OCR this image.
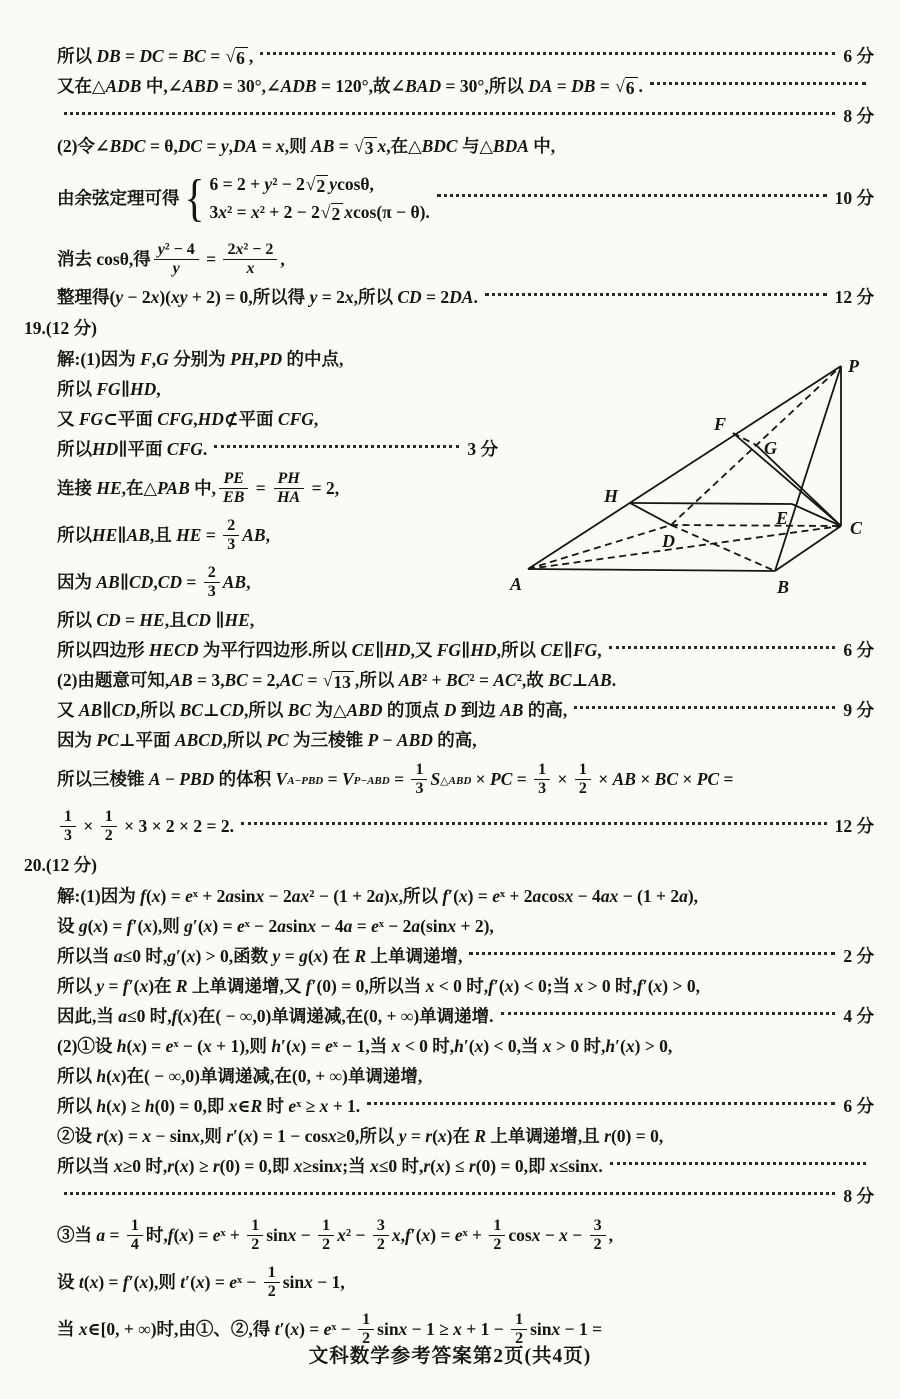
所以 DB = DC = BC = √ 6 ,	6 分
又在△ADB 中,∠ABD = 30°,∠ADB = 120°,故∠BAD = 30°,所以 DA = DB = √ 6 .
8 分
(2)令∠BDC = θ,DC = y,DA = x,则 AB = √ 3 x,在△BDC 与△BDA 中,
由余弦定理可得 { 6 = 2 + y² − 2 √ 2 ycosθ,
3x² = x² + 2 − 2 √ 2 xcos(π − θ).
10 分
消去 cosθ,得 $\frac{\text{y² − 4}}{y} = \frac{\text{2x² − 2}}{x}$ ,
整理得(y − 2x)(xy + 2) = 0,所以得 y = 2x,所以 CD = 2DA.	12 分
19.(12 分)
解:(1)因为 F,G 分别为 PH,PD 的中点,
所以 FG∥HD,
又 FG⊂平面 CFG,HD⊄平面 CFG,
所以HD∥平面 CFG.	3 分
连接 HE,在△PAB 中, $\frac{PE}{EB} = \frac{PH}{HA} = 2$,
所以HE∥AB,且 HE = $\frac{2}{3}$ AB,
因为 AB∥CD,CD = $\frac{2}{3}$ AB,
所以 CD = HE,且CD ∥HE,
所以四边形 HECD 为平行四边形.所以 CE∥HD,又 FG∥HD,所以 CE∥FG,	6 分
(2)由题意可知,AB = 3,BC = 2,AC = √ 13 ,所以 AB² + BC² = AC²,故 BC⊥AB.
又 AB∥CD,所以 BC⊥CD,所以 BC 为△ABD 的顶点 D 到边 AB 的高,	9 分
因为 PC⊥平面 ABCD,所以 PC 为三棱锥 P − ABD 的高,
所以三棱锥 A − PBD 的体积 V A−PBD = V $P-ABD = \frac{1}{3}$ S △ABD × PC = $\frac{1}{3} \times \frac{1}{2}$ × AB × BC × PC =
$\frac{1}{3} \times \frac{1}{2} \times 3 \times 2 \times 2 = 2$.	12 分
20.(12 分)
解:(1)因为 f(x) = eˣ + 2asinx − 2ax² − (1 + 2a)x,所以 f′(x) = eˣ + 2acosx − 4ax − (1 + 2a),
设 g(x) = f′(x),则 g′(x) = eˣ − 2asinx − 4a = eˣ − 2a(sinx + 2),
所以当 a≤0 时,g′(x) > 0,函数 y = g(x) 在 R 上单调递增,	2 分
所以 y = f′(x)在 R 上单调递增,又 f′(0) = 0,所以当 x < 0 时,f′(x) < 0;当 x > 0 时,f′(x) > 0,
因此,当 a≤0 时,f(x)在( − ∞,0)单调递减,在(0, + ∞)单调递增.	4 分
(2)①设 h(x) = eˣ − (x + 1),则 h′(x) = eˣ − 1,当 x < 0 时,h′(x) < 0,当 x > 0 时,h′(x) > 0,
所以 h(x)在( − ∞,0)单调递减,在(0, + ∞)单调递增,
所以 h(x) ≥ h(0) = 0,即 x∈R 时 eˣ ≥ x + 1.	6 分
②设 r(x) = x − sinx,则 r′(x) = 1 − cosx≥0,所以 y = r(x)在 R 上单调递增,且 r(0) = 0,
所以当 x≥0 时,r(x) ≥ r(0) = 0,即 x≥sinx;当 x≤0 时,r(x) ≤ r(0) = 0,即 x≤sinx.
8 分
③当 $a = \frac{1}{4}$ 时,f(x) = eˣ + $\frac{1}{2}$ $\sin x - \frac{1}{2} x^2 - \frac{3}{2} x,f'(x)$ = eˣ + $\frac{1}{2}$ $\cos x - x - \frac{3}{2}$ ,
设 t(x) = f′(x),则 t′(x) = eˣ − $\frac{1}{2}$ sinx − 1,
当 x∈[0, + ∞)时,由①、②,得 t′(x) = eˣ − $\frac{1}{2}$ $\sin x - 1 \ge x + 1 - \frac{1}{2}$ sinx − 1 =
P
F
G
H
E	C
D
B
A
文科数学参考答案第2页(共4页)
